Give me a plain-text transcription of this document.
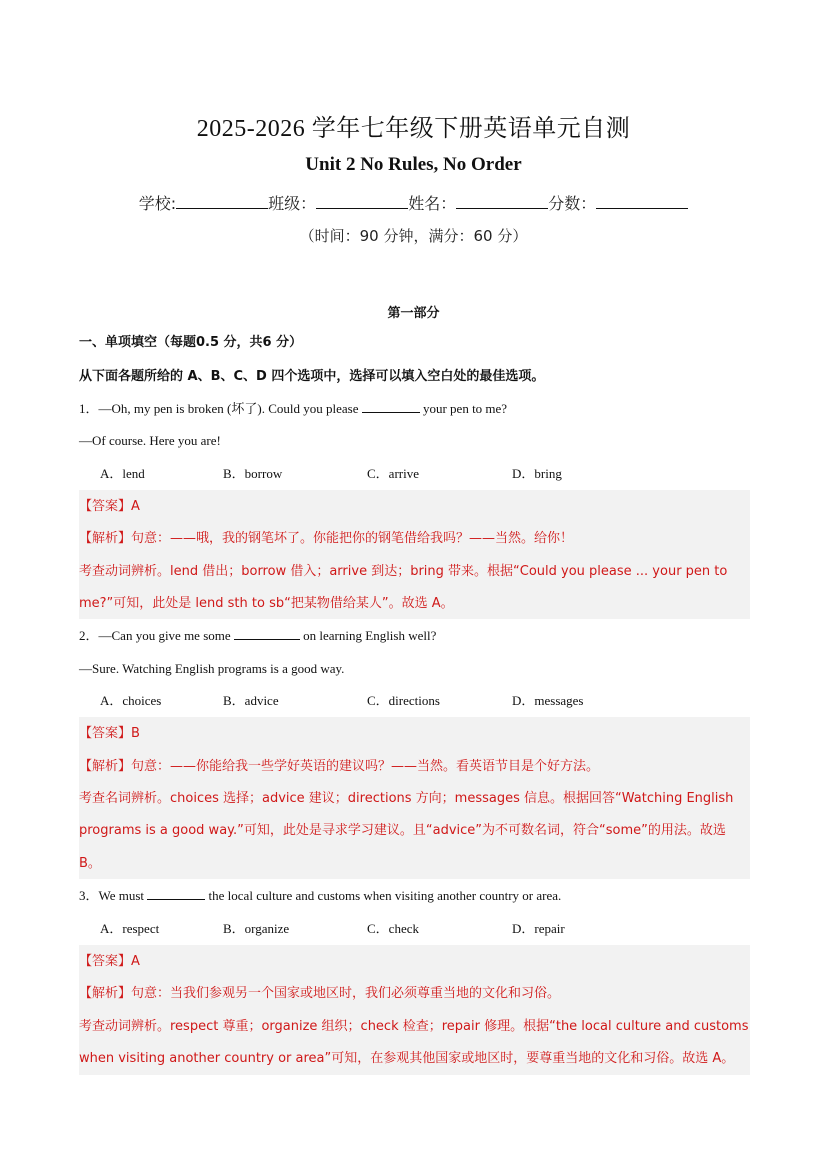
2025-2026 学年七年级下册英语单元自测
Unit 2 No Rules, No Order
学校:	班级：	姓名：	分数：
（时间：90 分钟，满分：60 分）
第一部分
一、单项填空（每题0.5 分，共6 分）
从下面各题所给的 A、B、C、D 四个选项中，选择可以填入空白处的最佳选项。
1．—Oh, my pen is broken (坏了). Could you please	your pen to me?
—Of course. Here you are!
A．lend	B．borrow	C．arrive	D．bring
【答案】A
【解析】句意：——哦，我的钢笔坏了。你能把你的钢笔借给我吗？——当然。给你！
考查动词辨析。lend 借出；borrow 借入；arrive 到达；bring 带来。根据“Could you please ... your pen to
me?”可知，此处是 lend sth to sb“把某物借给某人”。故选 A。
2．—Can you give me some	on learning English well?
—Sure. Watching English programs is a good way.
A．choices	B．advice	C．directions	D．messages
【答案】B
【解析】句意：——你能给我一些学好英语的建议吗？——当然。看英语节目是个好方法。
考查名词辨析。choices 选择；advice 建议；directions 方向；messages 信息。根据回答“Watching English
programs is a good way.”可知，此处是寻求学习建议。且“advice”为不可数名词，符合“some”的用法。故选
B。
3．We must	the local culture and customs when visiting another country or area.
A．respect	B．organize	C．check	D．repair
【答案】A
【解析】句意：当我们参观另一个国家或地区时，我们必须尊重当地的文化和习俗。
考查动词辨析。respect 尊重；organize 组织；check 检查；repair 修理。根据“the local culture and customs
when visiting another country or area”可知，在参观其他国家或地区时，要尊重当地的文化和习俗。故选 A。
